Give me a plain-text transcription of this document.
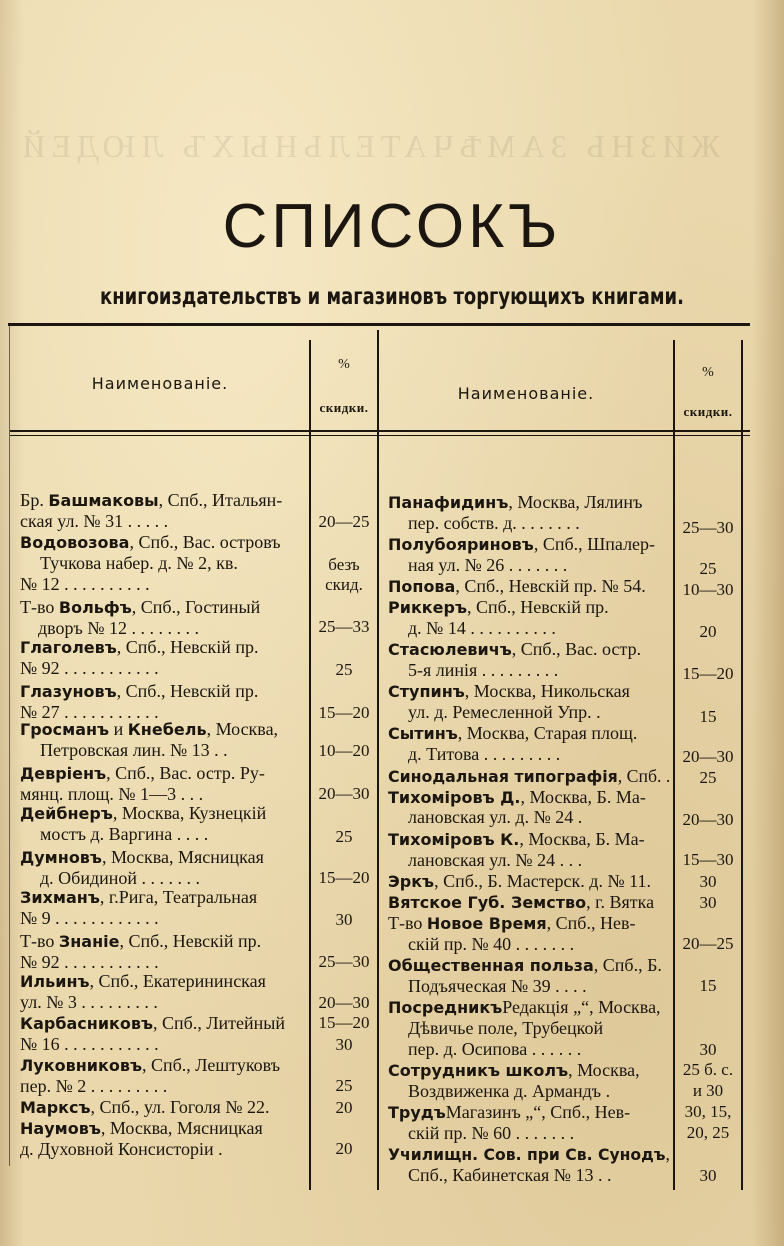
ЖИЗНЬ ЗАМѢЧАТЕЛЬНЫХЪ ЛЮДЕЙ
СПИСОКЪ
книгоиздательствъ и магазиновъ торгующихъ книгами.
Наименованiе.
%
скидки.
Наименованiе.
%
скидки.
Бр. Башмаковы, Спб., Итальян-
ская ул. № 31 . . . . .
Водовозова, Спб., Вас. островъ
Тучкова набер. д. № 2, кв.
№ 12 . . . . . . . . . .
Т-во Вольфъ, Спб., Гостиный
дворъ № 12 . . . . . . . .
Глаголевъ, Спб., Невскiй пр.
№ 92 . . . . . . . . . . .
Глазуновъ, Спб., Невскiй пр.
№ 27 . . . . . . . . . . .
Гросманъ и Кнебель, Москва,
Петровская лин. № 13 . .
Девріенъ, Спб., Вас. остр. Ру-
мянц. площ. № 1—3 . . .
Дейбнеръ, Москва, Кузнецкiй
мостъ д. Варгина . . . .
Думновъ, Москва, Мясницкая
д. Обидиной . . . . . . .
Зихманъ, г.Рига, Театральная
№ 9 . . . . . . . . . . . .
Т-во Знанiе, Спб., Невскiй пр.
№ 92 . . . . . . . . . . .
Ильинъ, Спб., Екатерининская
ул. № 3 . . . . . . . . .
Карбасниковъ, Спб., Литейный
№ 16 . . . . . . . . . . .
Луковниковъ, Спб., Лештуковъ
пер. № 2 . . . . . . . . .
Марксъ, Спб., ул. Гоголя № 22.
Наумовъ, Москва, Мясницкая
д. Духовной Консисторiи .
Панафидинъ, Москва, Лялинъ
пер. собств. д. . . . . . . .
Полубояриновъ, Спб., Шпалер-
ная ул. № 26 . . . . . . .
Попова, Спб., Невскiй пр. № 54.
Риккеръ, Спб., Невскiй пр.
д. № 14 . . . . . . . . . .
Стасюлевичъ, Спб., Вас. остр.
5-я линiя . . . . . . . . .
Ступинъ, Москва, Никольская
ул. д. Ремесленной Упр. .
Сытинъ, Москва, Старая площ.
д. Титова . . . . . . . . .
Синодальная типографiя, Спб. .
Тихомiровъ Д., Москва, Б. Ма-
лановская ул. д. № 24 .
Тихомiровъ К., Москва, Б. Ма-
лановская ул. № 24 . . .
Эркъ, Спб., Б. Мастерск. д. № 11.
Вятское Губ. Земство, г. Вятка
Т-во Новое Время, Спб., Нев-
скiй пр. № 40 . . . . . . .
Общественная польза, Спб., Б.
Подъяческая № 39 . . . .
ПосредникъРедакцiя „“, Москва,
Дѣвичье поле, Трубецкой
пер. д. Осипова . . . . . .
Сотрудникъ школъ, Москва,
Воздвиженка д. Армандъ .
ТрудъМагазинъ „“, Спб., Нев-
скiй пр. № 60 . . . . . . .
Училищн. Сов. при Св. Сунодъ,
Спб., Кабинетская № 13 . .
20—25
безъ
скид.
25—33
25
15—20
10—20
20—30
25
15—20
30
25—30
20—30
15—20
30
25
20
20
25—30
25
10—30
20
15—20
15
20—30
25
20—30
15—30
30
30
20—25
15
30
25 б. с.
и 30
30, 15,
20, 25
30
